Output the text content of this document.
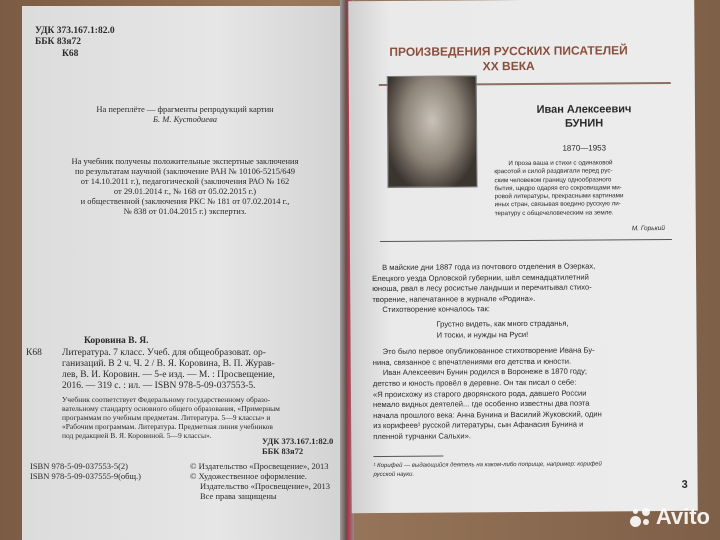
УДК 373.167.1:82.0
ББК 83я72
К68
На переплёте — фрагменты репродукций картин
Б. М. Кустодиева
На учебник получены положительные экспертные заключения
по результатам научной (заключение РАН № 10106-5215/649
от 14.10.2011 г.), педагогической (заключения РАО № 162
от 29.01.2014 г., № 168 от 05.02.2015 г.)
и общественной (заключения РКС № 181 от 07.02.2014 г.,
№ 838 от 01.04.2015 г.) экспертиз.
Коровина В. Я.
К68 Литература. 7 класс. Учеб. для общеобразоват. ор-
ганизаций. В 2 ч. Ч. 2 / В. Я. Коровина, В. П. Журав-
лев, В. И. Коровин. — 5-е изд. — М. : Просвещение,
2016. — 319 с. : ил. — ISBN 978-5-09-037553-5.
Учебник соответствует Федеральному государственному образо-
вательному стандарту основного общего образования, «Примерным
программам по учебным предметам. Литература. 5—9 классы» и
«Рабочим программам. Литература. Предметная линия учебников
под редакцией В. Я. Коровиной. 5—9 классы».
УДК 373.167.1:82.0
ББК 83я72
ISBN 978-5-09-037553-5(2)
ISBN 978-5-09-037555-9(общ.)
© Издательство «Просвещение», 2013
© Художественное оформление.
Издательство «Просвещение», 2013
Все права защищены
ПРОИЗВЕДЕНИЯ РУССКИХ ПИСАТЕЛЕЙ
XX ВЕКА
Иван Алексеевич
БУНИН
1870—1953
И проза ваша и стихи с одинаковой
красотой и силой раздвигали перед рус-
ским человеком границу однообразного
бытия, щедро одаряя его сокровищами ми-
ровой литературы, прекрасными картинами
иных стран, связывая воедино русскую ли-
тературу с общечеловеческим на земле.
М. Горький
В майские дни 1887 года из почтового отделения в Озерках,
Елецкого уезда Орловской губернии, шёл семнадцатилетний
юноша, рвал в лесу росистые ландыши и перечитывал стихо-
творение, напечатанное в журнале «Родина».
Стихотворение кончалось так:
Грустно видеть, как много страданья,
И тоски, и нужды на Руси!
Это было первое опубликованное стихотворение Ивана Бу-
нина, связанное с впечатлениями его детства и юности.
Иван Алексеевич Бунин родился в Воронеже в 1870 году;
детство и юность провёл в деревне. Он так писал о себе:
«Я происхожу из старого дворянского рода, давшего России
немало видных деятелей... где особенно известны два поэта
начала прошлого века: Анна Бунина и Василий Жуковский, один
из корифеев¹ русской литературы, сын Афанасия Бунина и
пленной турчанки Сальхи».
¹ Корифей — выдающийся деятель на каком-либо поприще, например: корифей
русской науки.
3
Avito
